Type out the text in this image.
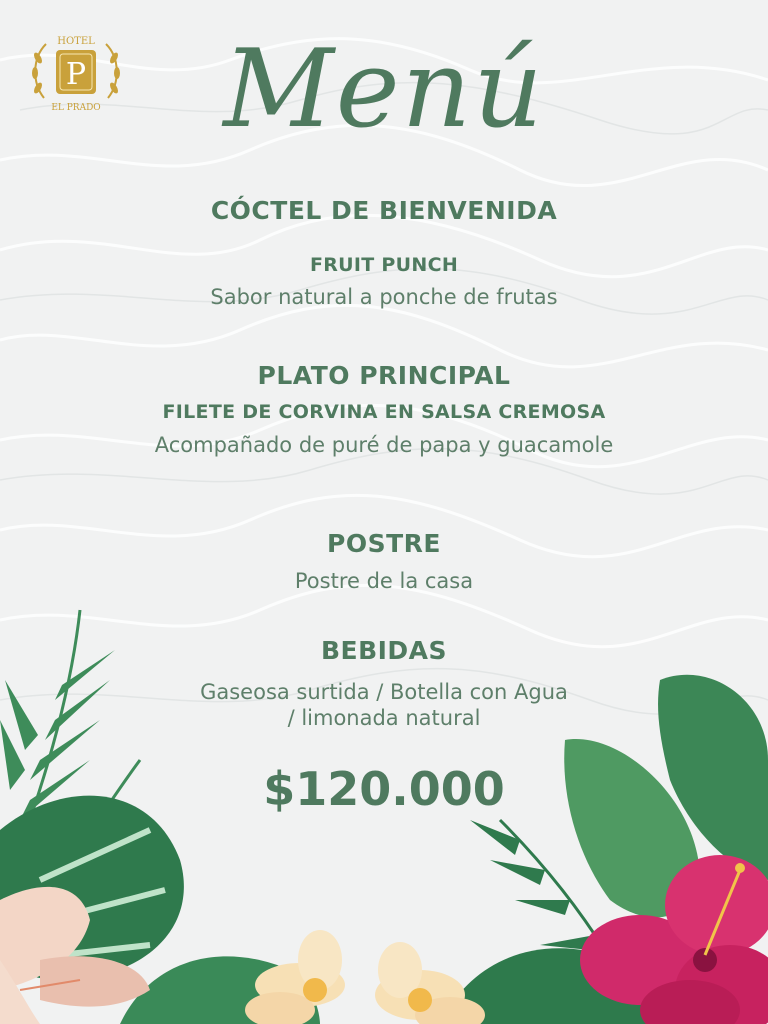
HOTEL
P
EL PRADO	Menú
CÓCTEL DE BIENVENIDA
FRUIT PUNCH
Sabor natural a ponche de frutas
PLATO PRINCIPAL
FILETE DE CORVINA EN SALSA CREMOSA
Acompañado de puré de papa y guacamole
POSTRE
Postre de la casa
BEBIDAS
Gaseosa surtida / Botella con Agua
/ limonada natural
$120.000
